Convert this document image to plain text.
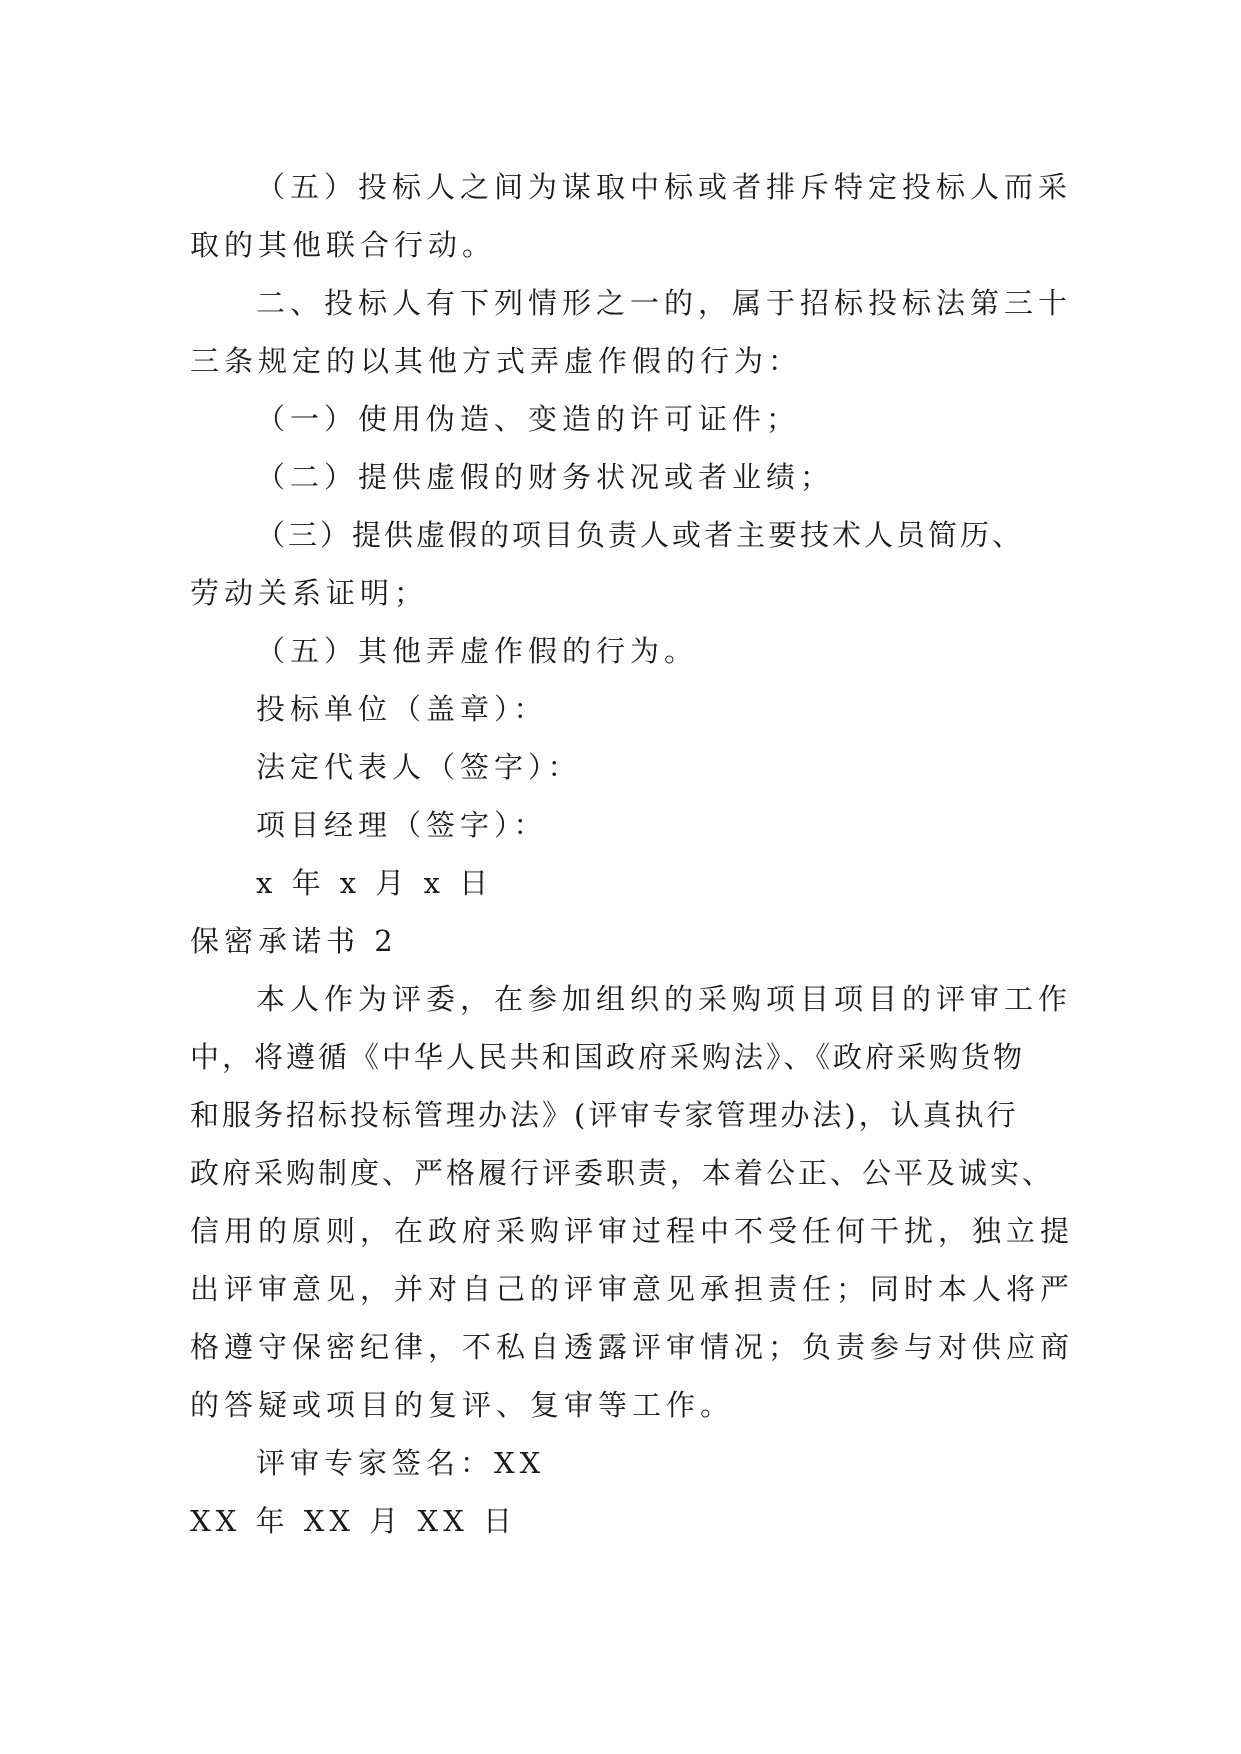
（五）投标人之间为谋取中标或者排斥特定投标人而采

取的其他联合行动。

二、投标人有下列情形之一的，属于招标投标法第三十

三条规定的以其他方式弄虚作假的行为：

（一）使用伪造、变造的许可证件；

（二）提供虚假的财务状况或者业绩；

（三）提供虚假的项目负责人或者主要技术人员简历、

劳动关系证明；

（五）其他弄虚作假的行为。

投标单位（盖章）：

法定代表人（签字）：

项目经理（签字）：

x 年 x 月 x 日

保密承诺书 2

本人作为评委，在参加组织的采购项目项目的评审工作

中，将遵循《中华人民共和国政府采购法》、《政府采购货物

和服务招标投标管理办法》(评审专家管理办法)，认真执行

政府采购制度、严格履行评委职责，本着公正、公平及诚实、

信用的原则，在政府采购评审过程中不受任何干扰，独立提

出评审意见，并对自己的评审意见承担责任；同时本人将严

格遵守保密纪律，不私自透露评审情况；负责参与对供应商

的答疑或项目的复评、复审等工作。

评审专家签名：XX

XX 年 XX 月 XX 日
